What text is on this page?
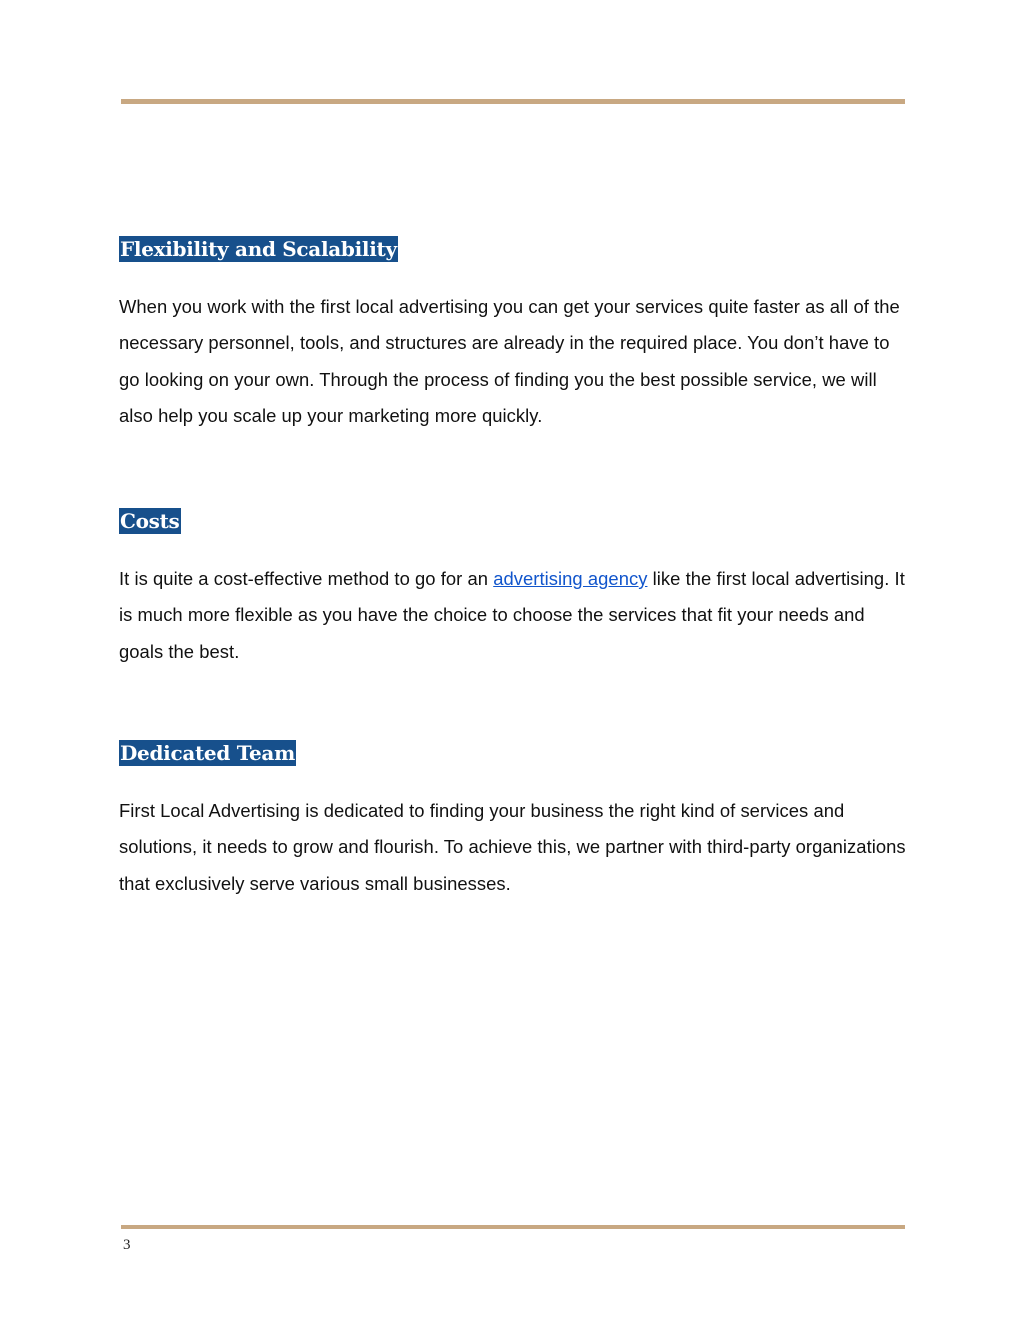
Flexibility and Scalability

When you work with the first local advertising you can get your services quite faster as all of the necessary personnel, tools, and structures are already in the required place. You don’t have to go looking on your own. Through the process of finding you the best possible service, we will also help you scale up your marketing more quickly.

Costs

It is quite a cost-effective method to go for an advertising agency like the first local advertising. It is much more flexible as you have the choice to choose the services that fit your needs and goals the best.

Dedicated Team

First Local Advertising is dedicated to finding your business the right kind of services and solutions, it needs to grow and flourish. To achieve this, we partner with third-party organizations that exclusively serve various small businesses.

3
